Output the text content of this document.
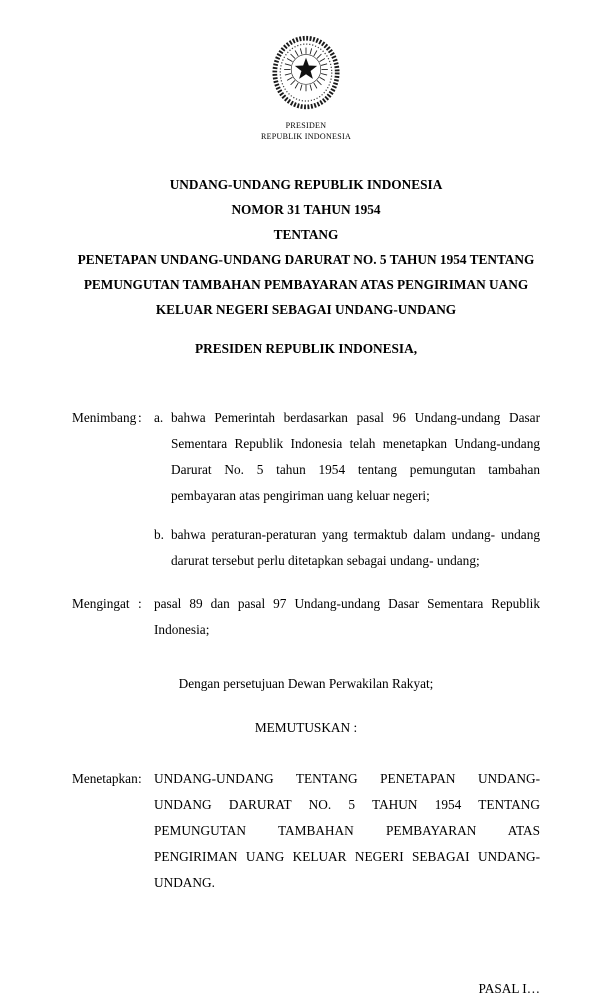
PRESIDEN
REPUBLIK INDONESIA
UNDANG-UNDANG REPUBLIK INDONESIA
NOMOR 31 TAHUN 1954
TENTANG
PENETAPAN UNDANG-UNDANG DARURAT NO. 5 TAHUN 1954 TENTANG
PEMUNGUTAN TAMBAHAN PEMBAYARAN ATAS PENGIRIMAN UANG
KELUAR NEGERI SEBAGAI UNDANG-UNDANG
PRESIDEN REPUBLIK INDONESIA,
Menimbang : a. bahwa Pemerintah berdasarkan pasal 96 Undang-undang Dasar Sementara Republik Indonesia telah menetapkan Undang-undang Darurat No. 5 tahun 1954 tentang pemungutan tambahan pembayaran atas pengiriman uang keluar negeri;
b. bahwa peraturan-peraturan yang termaktub dalam undang- undang darurat tersebut perlu ditetapkan sebagai undang- undang;
Mengingat : pasal 89 dan pasal 97 Undang-undang Dasar Sementara Republik Indonesia;
Dengan persetujuan Dewan Perwakilan Rakyat;
MEMUTUSKAN :
Menetapkan : UNDANG-UNDANG TENTANG PENETAPAN UNDANG-UNDANG DARURAT NO. 5 TAHUN 1954 TENTANG PEMUNGUTAN TAMBAHAN PEMBAYARAN ATAS PENGIRIMAN UANG KELUAR NEGERI SEBAGAI UNDANG-UNDANG.
PASAL I…
